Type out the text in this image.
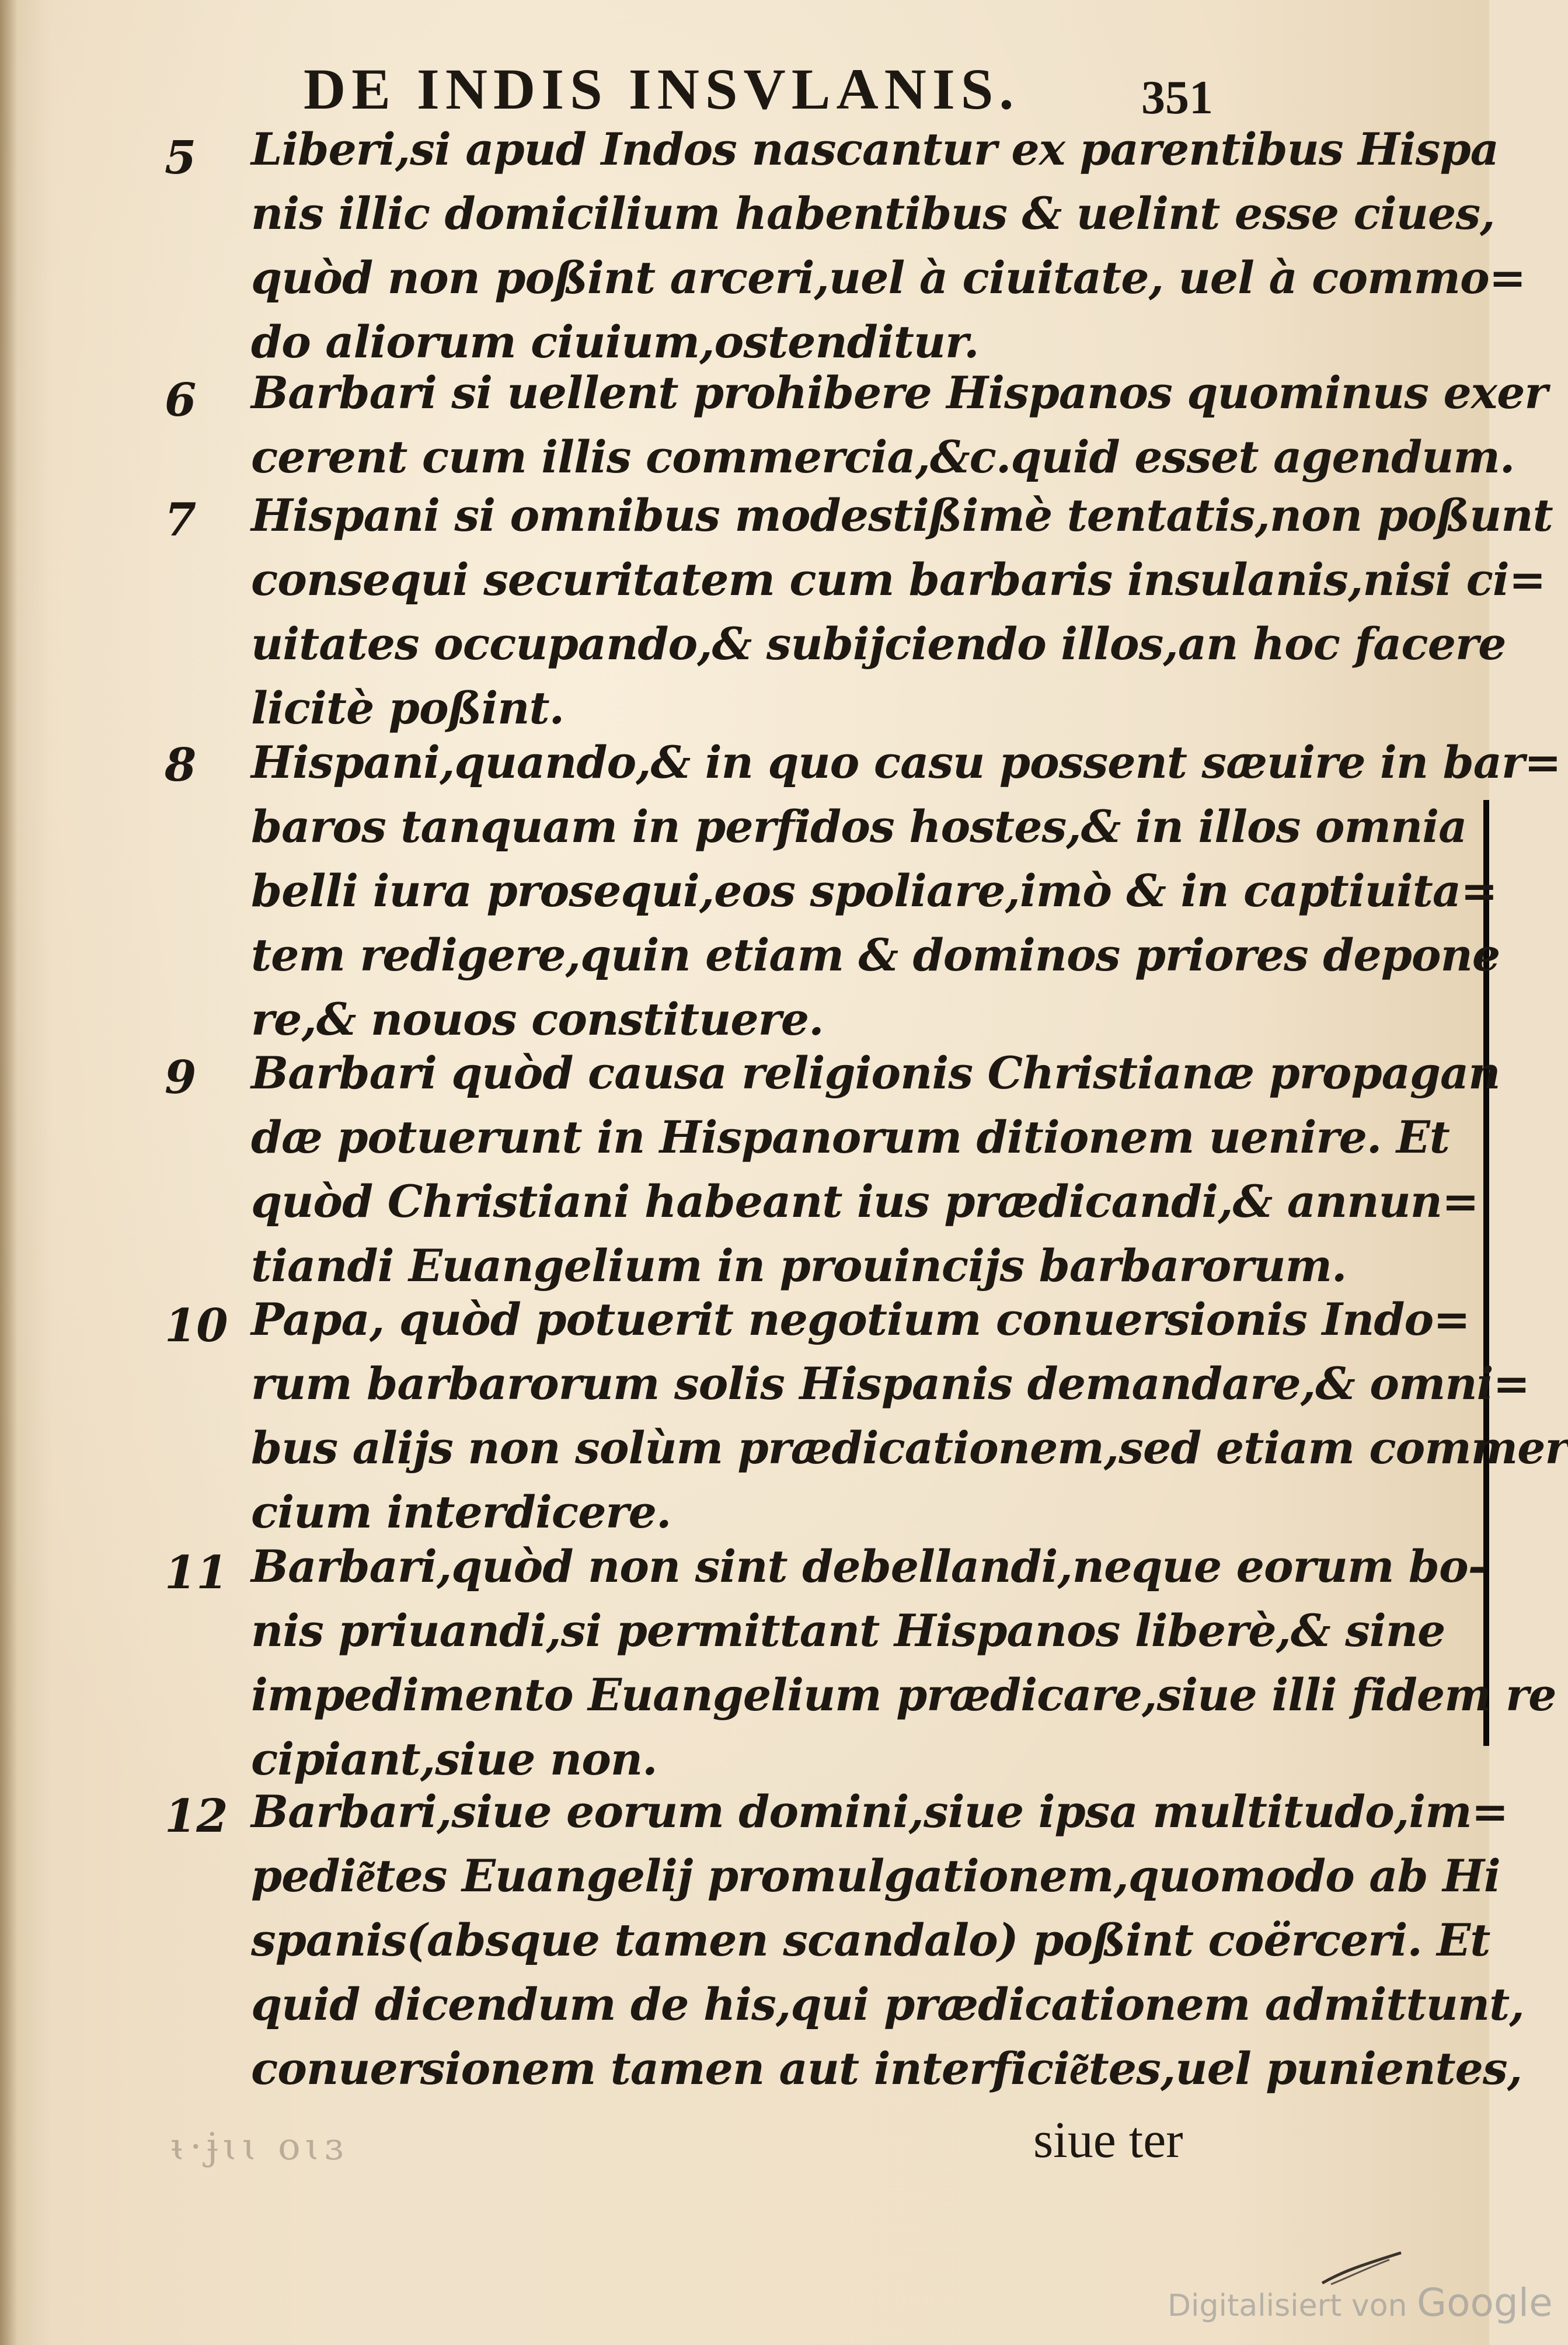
DE INDIS INSVLANIS.	351
5 Liberi,si apud Indos nascantur ex parentibus Hispa
nis illic domicilium habentibus & uelint esse ciues,
quòd non poßint arceri,uel à ciuitate, uel à commo=
do aliorum ciuium,ostenditur.
6 Barbari si uellent prohibere Hispanos quominus exer
cerent cum illis commercia,&c.quid esset agendum.
7 Hispani si omnibus modestißimè tentatis,non poßunt
consequi securitatem cum barbaris insulanis,nisi ci=
uitates occupando,& subijciendo illos,an hoc facere
licitè poßint.
8 Hispani,quando,& in quo casu possent sæuire in bar=
baros tanquam in perfidos hostes,& in illos omnia
belli iura prosequi,eos spoliare,imò & in captiuita=
tem redigere,quin etiam & dominos priores depone
re,& nouos constituere.
9 Barbari quòd causa religionis Christianæ propagan
dæ potuerunt in Hispanorum ditionem uenire. Et
quòd Christiani habeant ius prædicandi,& annun=
tiandi Euangelium in prouincijs barbarorum.
10 Papa, quòd potuerit negotium conuersionis Indo=
rum barbarorum solis Hispanis demandare,& omni=
bus alijs non solùm prædicationem,sed etiam commer
cium interdicere.
11 Barbari,quòd non sint debellandi,neque eorum bo-
nis priuandi,si permittant Hispanos liberè,& sine
impedimento Euangelium prædicare,siue illi fidem re
cipiant,siue non.
12 Barbari,siue eorum domini,siue ipsa multitudo,im=
pedie͂tes Euangelij promulgationem,quomodo ab Hi
spanis(absque tamen scandalo) poßint coërceri. Et
quid dicendum de his,qui prædicationem admittunt,
conuersionem tamen aut interficie͂tes,uel punientes,
siue ter
ᵼ·ɉɩɩ oɩɜ
Digitalisiert von Google
